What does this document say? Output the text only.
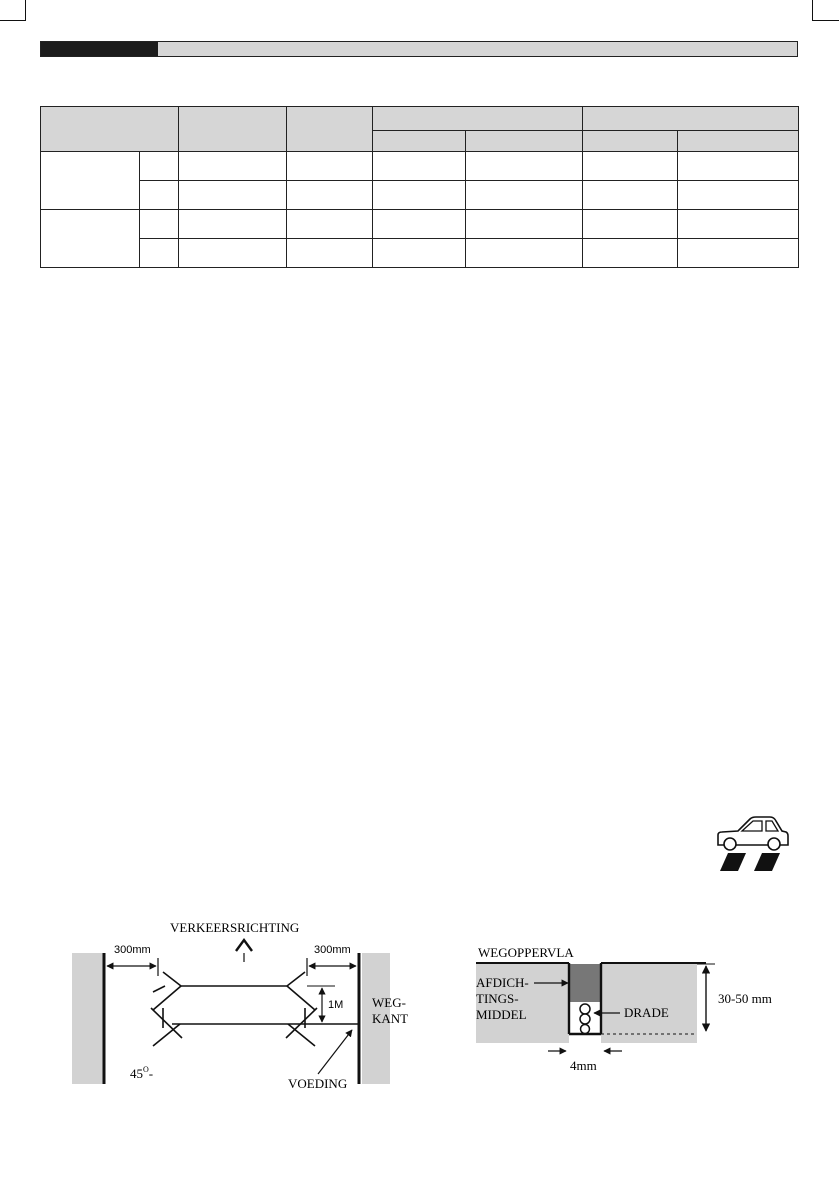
VERKEERSRICHTING
300mm	300mm
1M WEG-
KANT
$45^O-$
VOEDING
WEGOPPERVLA
AFDICH-
TINGS-
MIDDEL	DRADE
30-50 mm
4mm
